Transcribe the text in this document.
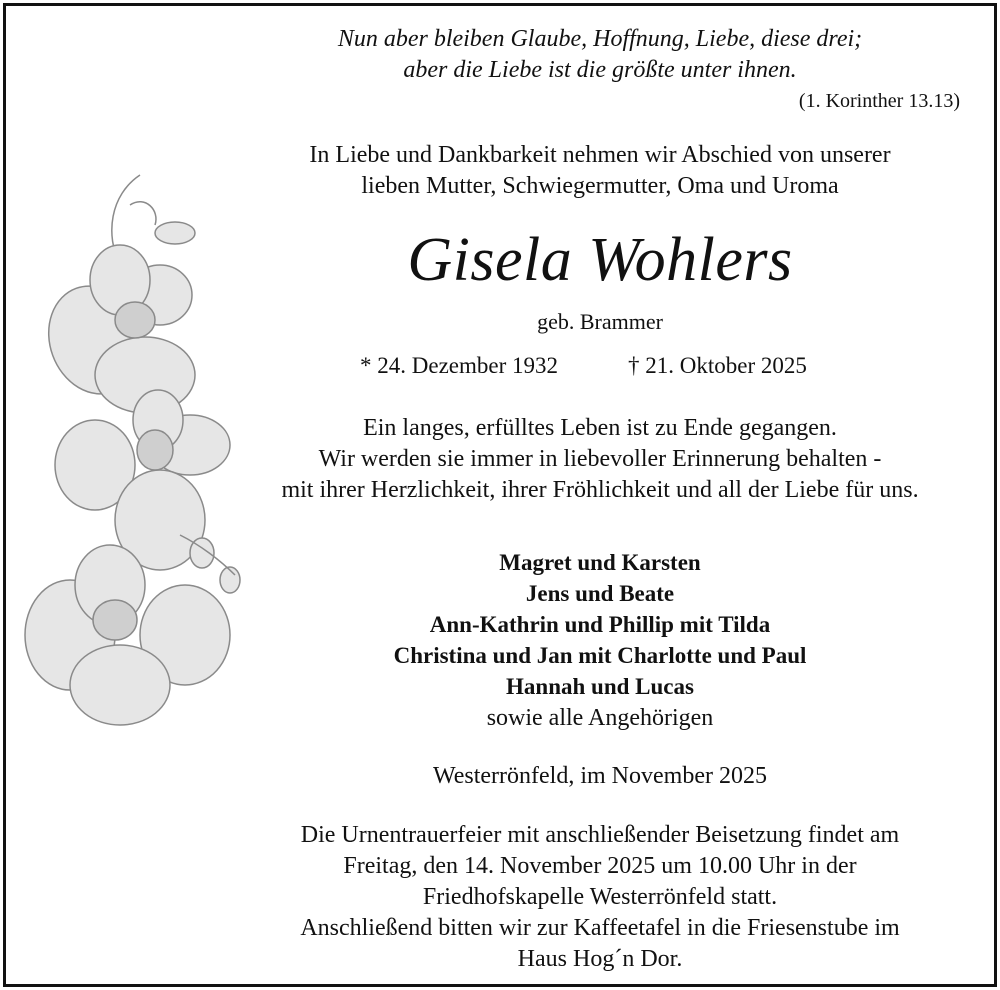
Nun aber bleiben Glaube, Hoffnung, Liebe, diese drei;
aber die Liebe ist die größte unter ihnen.
(1. Korinther 13.13)
In Liebe und Dankbarkeit nehmen wir Abschied von unserer
lieben Mutter, Schwiegermutter, Oma und Uroma
Gisela Wohlers
geb. Brammer
* 24. Dezember 1932	† 21. Oktober 2025
Ein langes, erfülltes Leben ist zu Ende gegangen.
Wir werden sie immer in liebevoller Erinnerung behalten -
mit ihrer Herzlichkeit, ihrer Fröhlichkeit und all der Liebe für uns.
Magret und Karsten
Jens und Beate
Ann-Kathrin und Phillip mit Tilda
Christina und Jan mit Charlotte und Paul
Hannah und Lucas
sowie alle Angehörigen
Westerrönfeld, im November 2025
Die Urnentrauerfeier mit anschließender Beisetzung findet am
Freitag, den 14. November 2025 um 10.00 Uhr in der
Friedhofskapelle Westerrönfeld statt.
Anschließend bitten wir zur Kaffeetafel in die Friesenstube im
Haus Hog´n Dor.
